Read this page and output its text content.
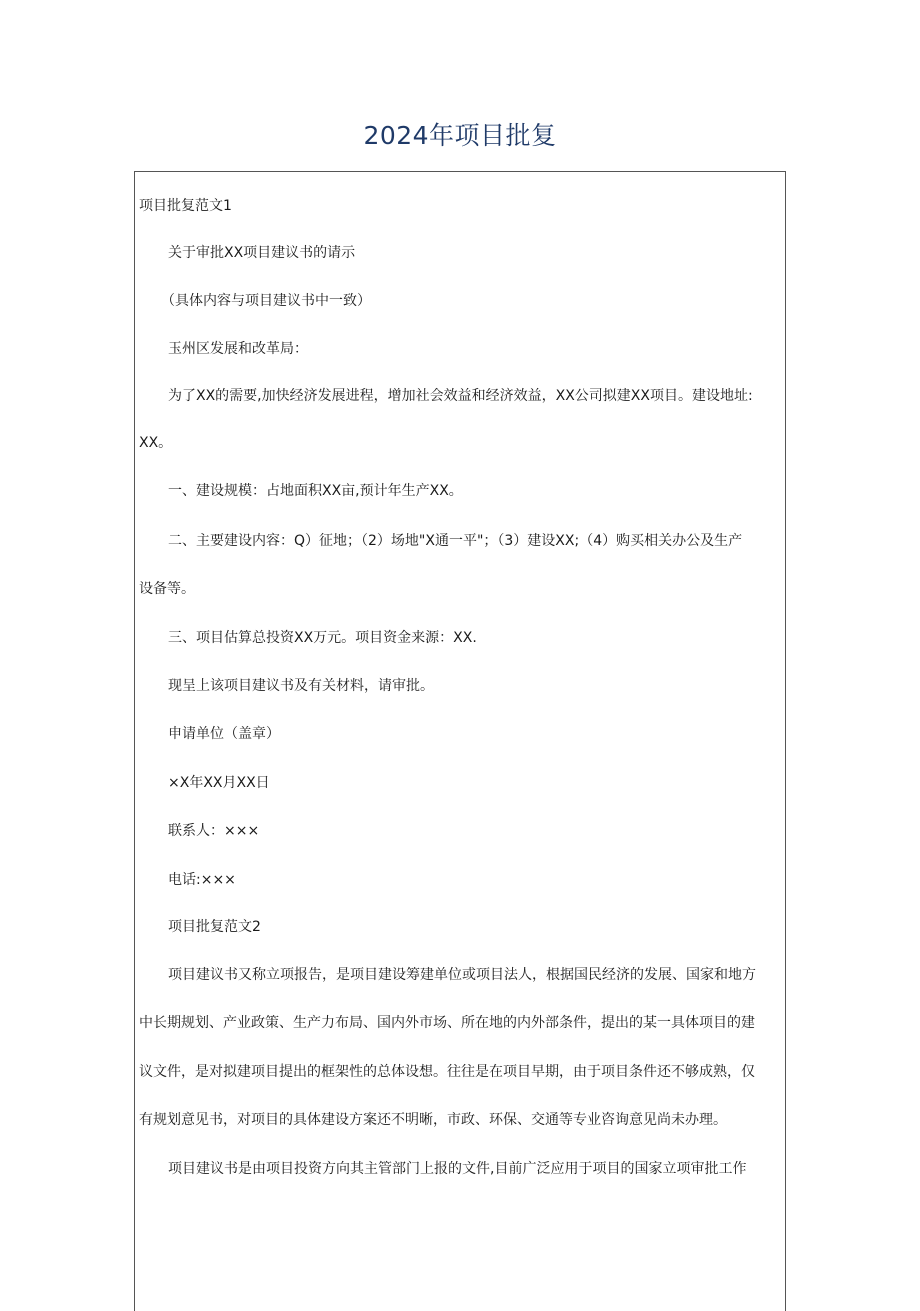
2024年项目批复
项目批复范文1
关于审批XX项目建议书的请示
（具体内容与项目建议书中一致）
玉州区发展和改革局：
为了XX的需要,加快经济发展进程，增加社会效益和经济效益，XX公司拟建XX项目。建设地址:
XX。
一、建设规模：占地面积XX亩,预计年生产XX。
二、主要建设内容：Q）征地；（2）场地"X通一平"；（3）建设XX;（4）购买相关办公及生产
设备等。
三、项目估算总投资XX万元。项目资金来源：XX.
现呈上该项目建议书及有关材料，请审批。
申请单位（盖章）
×X年XX月XX日
联系人：×××
电话:×××
项目批复范文2
项目建议书又称立项报告，是项目建设筹建单位或项目法人，根据国民经济的发展、国家和地方
中长期规划、产业政策、生产力布局、国内外市场、所在地的内外部条件，提出的某一具体项目的建
议文件，是对拟建项目提出的框架性的总体设想。往往是在项目早期，由于项目条件还不够成熟，仅
有规划意见书，对项目的具体建设方案还不明晰，市政、环保、交通等专业咨询意见尚未办理。
项目建议书是由项目投资方向其主管部门上报的文件,目前广泛应用于项目的国家立项审批工作
